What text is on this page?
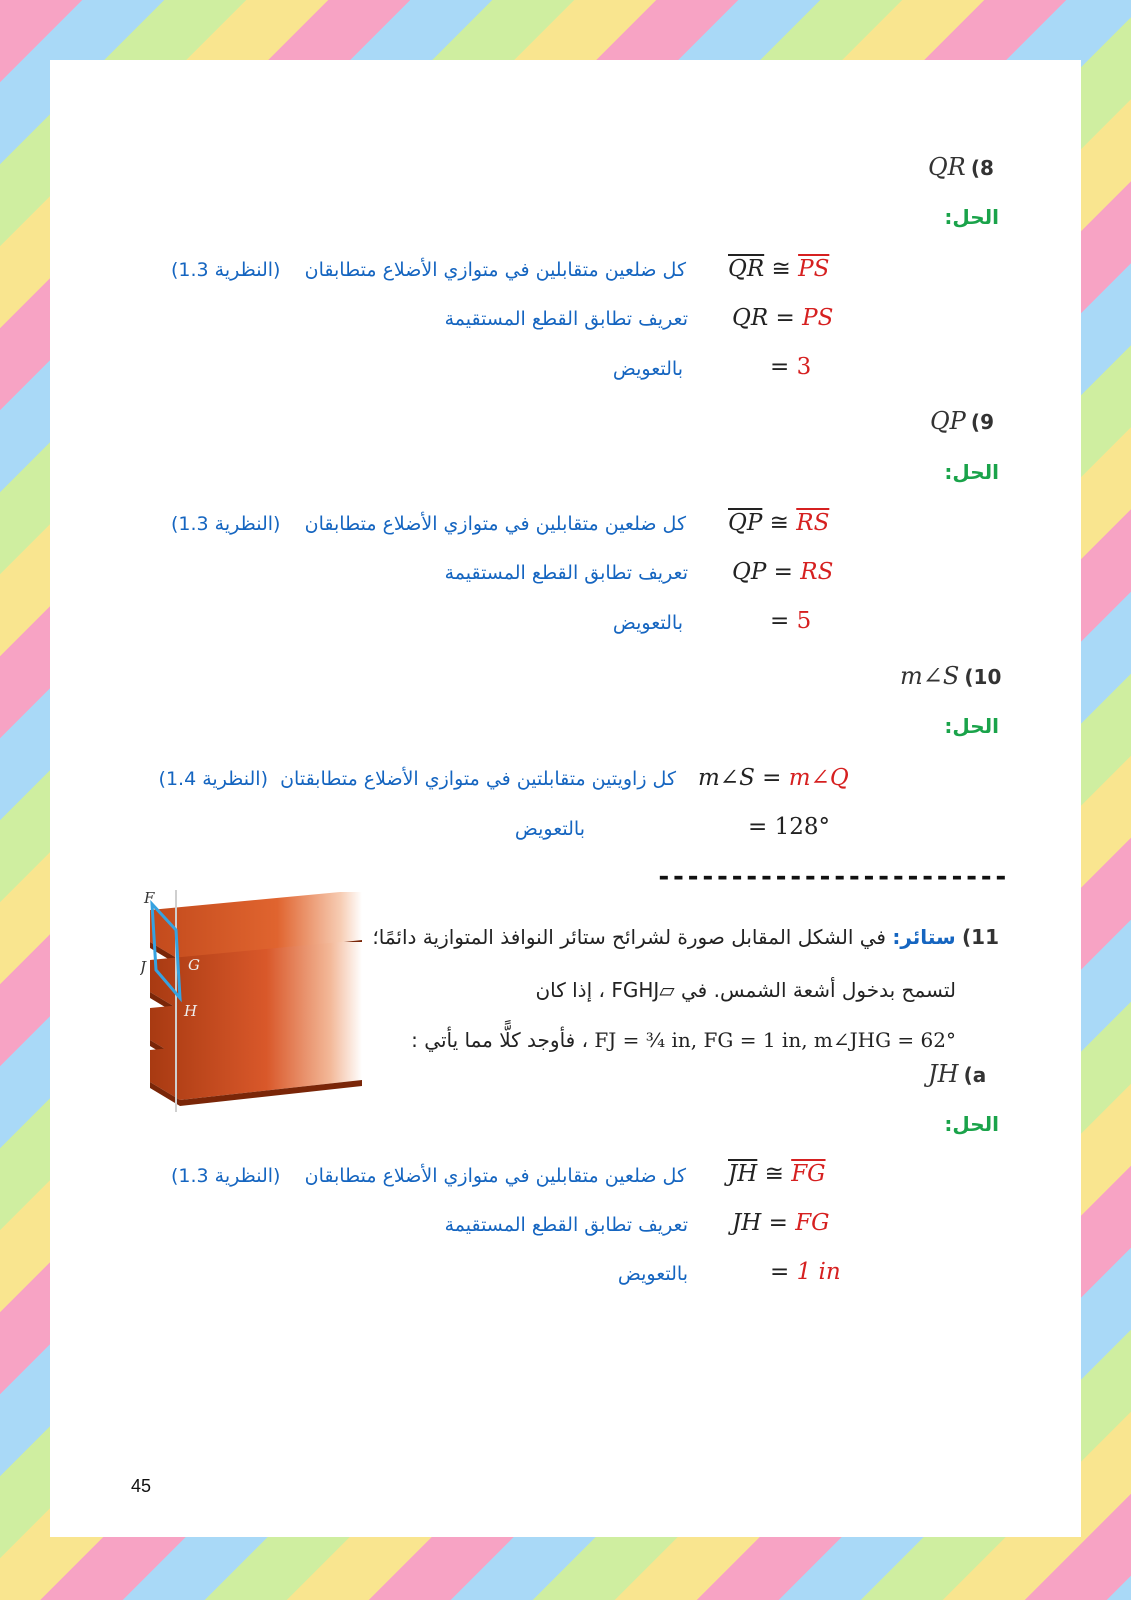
QR (8
الحل:
$\overline{QR}$ ≅ $\overline{PS}$
كل ضلعين متقابلين في متوازي الأضلاع متطابقان    (النظرية 1.3)
QR = PS
تعريف تطابق القطع المستقيمة
= 3
بالتعويض
QP (9
الحل:
$\overline{QP}$ ≅ $\overline{RS}$
كل ضلعين متقابلين في متوازي الأضلاع متطابقان    (النظرية 1.3)
QP = RS
تعريف تطابق القطع المستقيمة
= 5
بالتعويض
m∠S (10
الحل:
m∠S = m∠Q
كل زاويتين متقابلتين في متوازي الأضلاع متطابقتان  (النظرية 1.4)
= 128°
بالتعويض
------------------------
F
G
J
H
11) ستائر: في الشكل المقابل صورة لشرائح ستائر النوافذ المتوازية دائمًا؛
لتسمح بدخول أشعة الشمس. في ▱FGHJ ، إذا كان
FJ = ¾ in, FG = 1 in, m∠JHG = 62° ، فأوجد كلًّا مما يأتي :
JH (a
الحل:
$\overline{JH}$ ≅ $\overline{FG}$
كل ضلعين متقابلين في متوازي الأضلاع متطابقان    (النظرية 1.3)
JH = FG
تعريف تطابق القطع المستقيمة
= 1 in
بالتعويض
45
